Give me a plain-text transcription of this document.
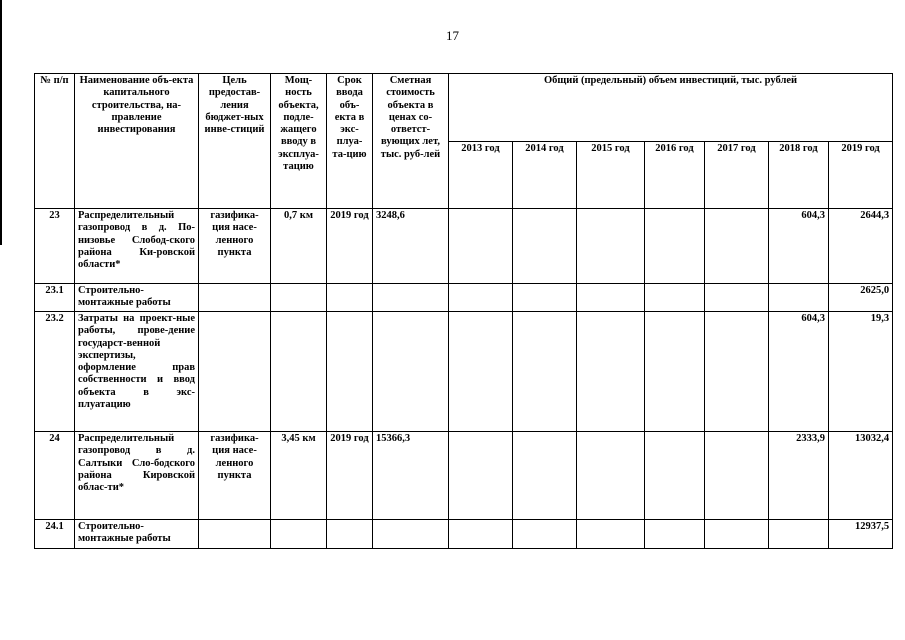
17
№ п/п	Наименование объ-екта капитального строительства, на-правление инвестирования	Цель предостав-ления бюджет-ных инве-стиций	Мощ-ность объекта, подле-жащего вводу в эксплуа-тацию	Срок ввода объ-екта в экс-плуа-та-цию	Сметная стоимость объекта в ценах со-ответст-вующих лет, тыс. руб-лей	Общий (предельный) объем инвестиций, тыс. рублей						
						2013 год	2014 год	2015 год	2016 год	2017 год	2018 год	2019 год
23	Распределительный газопровод в д. По-низовье Слобод-ского района Ки-ровской области*	газифика-ция насе-ленного пункта	0,7 км	2019 год	3248,6						604,3	2644,3
23.1	Строительно-монтажные работы											2625,0
23.2	Затраты на проект-ные работы, прове-дение государст-венной экспертизы, оформление прав собственности и ввод объекта в экс-плуатацию										604,3	19,3
24	Распределительный газопровод в д. Салтыки Сло-бодского района Кировской облас-ти*	газифика-ция насе-ленного пункта	3,45 км	2019 год	15366,3						2333,9	13032,4
24.1	Строительно-монтажные работы											12937,5
